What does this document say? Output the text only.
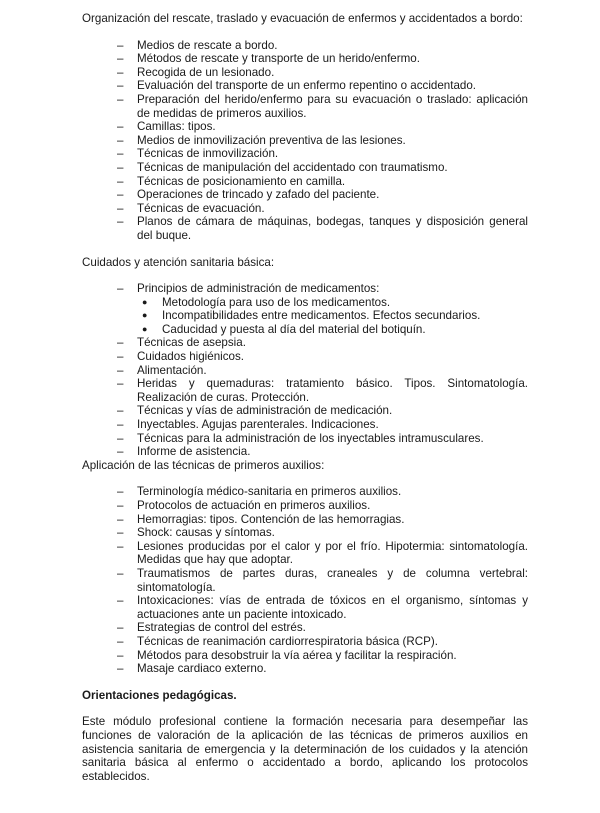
Organización del rescate, traslado y evacuación de enfermos y accidentados a bordo:

– Medios de rescate a bordo.
– Métodos de rescate y transporte de un herido/enfermo.
– Recogida de un lesionado.
– Evaluación del transporte de un enfermo repentino o accidentado.
– Preparación del herido/enfermo para su evacuación o traslado: aplicación de medidas de primeros auxilios.
– Camillas: tipos.
– Medios de inmovilización preventiva de las lesiones.
– Técnicas de inmovilización.
– Técnicas de manipulación del accidentado con traumatismo.
– Técnicas de posicionamiento en camilla.
– Operaciones de trincado y zafado del paciente.
– Técnicas de evacuación.
– Planos de cámara de máquinas, bodegas, tanques y disposición general del buque.

Cuidados y atención sanitaria básica:

– Principios de administración de medicamentos:
● Metodología para uso de los medicamentos.
● Incompatibilidades entre medicamentos. Efectos secundarios.
● Caducidad y puesta al día del material del botiquín.
– Técnicas de asepsia.
– Cuidados higiénicos.
– Alimentación.
– Heridas y quemaduras: tratamiento básico. Tipos. Sintomatología. Realización de curas. Protección.
– Técnicas y vías de administración de medicación.
– Inyectables. Agujas parenterales. Indicaciones.
– Técnicas para la administración de los inyectables intramusculares.
– Informe de asistencia.

Aplicación de las técnicas de primeros auxilios:

– Terminología médico-sanitaria en primeros auxilios.
– Protocolos de actuación en primeros auxilios.
– Hemorragias: tipos. Contención de las hemorragias.
– Shock: causas y síntomas.
– Lesiones producidas por el calor y por el frío. Hipotermia: sintomatología. Medidas que hay que adoptar.
– Traumatismos de partes duras, craneales y de columna vertebral: sintomatología.
– Intoxicaciones: vías de entrada de tóxicos en el organismo, síntomas y actuaciones ante un paciente intoxicado.
– Estrategias de control del estrés.
– Técnicas de reanimación cardiorrespiratoria básica (RCP).
– Métodos para desobstruir la vía aérea y facilitar la respiración.
– Masaje cardiaco externo.

Orientaciones pedagógicas.

Este módulo profesional contiene la formación necesaria para desempeñar las funciones de valoración de la aplicación de las técnicas de primeros auxilios en asistencia sanitaria de emergencia y la determinación de los cuidados y la atención sanitaria básica al enfermo o accidentado a bordo, aplicando los protocolos establecidos.
